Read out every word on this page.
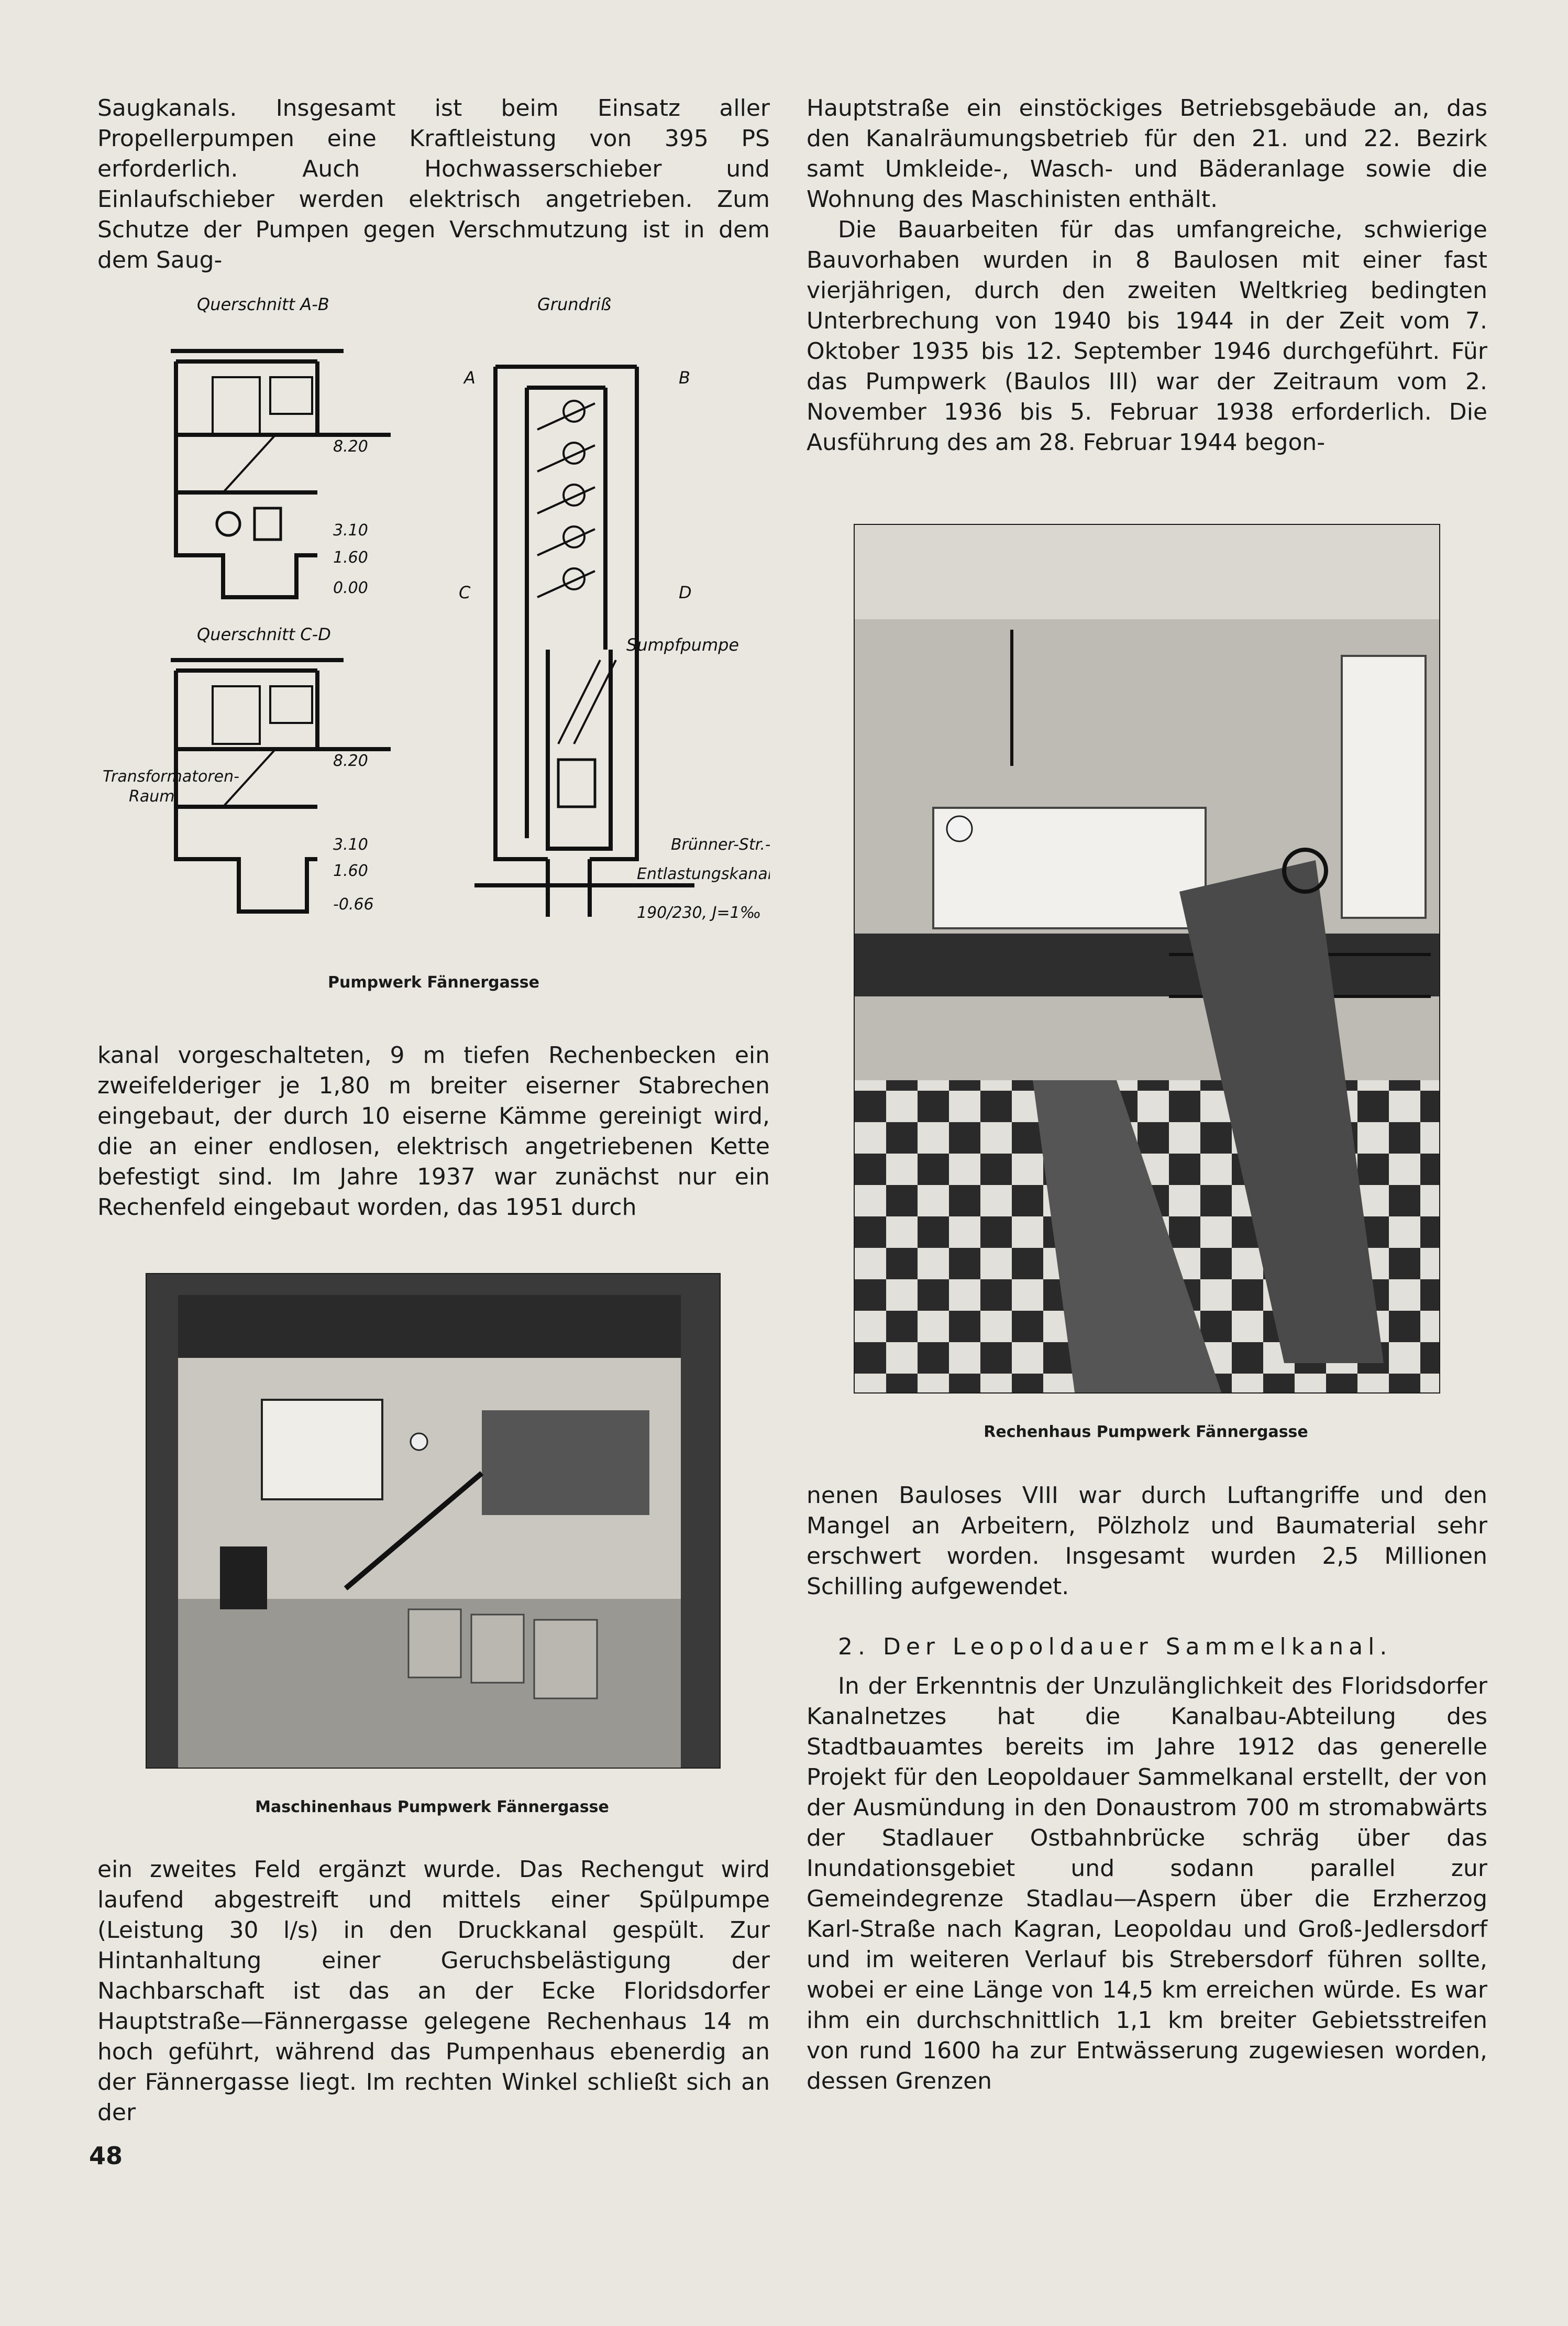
Saugkanals. Insgesamt ist beim Einsatz aller Propellerpumpen eine Kraftleistung von 395 PS erforderlich. Auch Hochwasserschieber und Einlaufschieber werden elektrisch angetrieben. Zum Schutze der Pumpen gegen Verschmutzung ist in dem dem Saug-

Querschnitt A-B
8.20
3.10
1.60
0.00
Querschnitt C-D
Transformatoren-
Raum
8.20
3.10
1.60
-0.66
Grundriß
A	B
C	D
Sumpfpumpe
Brünner-Str.-
Entlastungskanal
190/230, J=1‰
Pumpwerk Fännergasse

kanal vorgeschalteten, 9 m tiefen Rechenbecken ein zweifelderiger je 1,80 m breiter eiserner Stabrechen eingebaut, der durch 10 eiserne Kämme gereinigt wird, die an einer endlosen, elektrisch angetriebenen Kette befestigt sind. Im Jahre 1937 war zunächst nur ein Rechenfeld eingebaut worden, das 1951 durch

Maschinenhaus Pumpwerk Fännergasse

ein zweites Feld ergänzt wurde. Das Rechengut wird laufend abgestreift und mittels einer Spülpumpe (Leistung 30 l/s) in den Druckkanal gespült. Zur Hintanhaltung einer Geruchsbelästigung der Nachbarschaft ist das an der Ecke Floridsdorfer Hauptstraße—Fännergasse gelegene Rechenhaus 14 m hoch geführt, während das Pumpenhaus ebenerdig an der Fännergasse liegt. Im rechten Winkel schließt sich an der

48

Hauptstraße ein einstöckiges Betriebsgebäude an, das den Kanalräumungsbetrieb für den 21. und 22. Bezirk samt Umkleide-, Wasch- und Bäderanlage sowie die Wohnung des Maschinisten enthält.

Die Bauarbeiten für das umfangreiche, schwierige Bauvorhaben wurden in 8 Baulosen mit einer fast vierjährigen, durch den zweiten Weltkrieg bedingten Unterbrechung von 1940 bis 1944 in der Zeit vom 7. Oktober 1935 bis 12. September 1946 durchgeführt. Für das Pumpwerk (Baulos III) war der Zeitraum vom 2. November 1936 bis 5. Februar 1938 erforderlich. Die Ausführung des am 28. Februar 1944 begon-

Rechenhaus Pumpwerk Fännergasse

nenen Bauloses VIII war durch Luftangriffe und den Mangel an Arbeitern, Pölzholz und Baumaterial sehr erschwert worden. Insgesamt wurden 2,5 Millionen Schilling aufgewendet.

2. Der Leopoldauer Sammelkanal.

In der Erkenntnis der Unzulänglichkeit des Floridsdorfer Kanalnetzes hat die Kanalbau-Abteilung des Stadtbauamtes bereits im Jahre 1912 das generelle Projekt für den Leopoldauer Sammelkanal erstellt, der von der Ausmündung in den Donaustrom 700 m stromabwärts der Stadlauer Ostbahnbrücke schräg über das Inundationsgebiet und sodann parallel zur Gemeindegrenze Stadlau—Aspern über die Erzherzog Karl-Straße nach Kagran, Leopoldau und Groß-Jedlersdorf und im weiteren Verlauf bis Strebersdorf führen sollte, wobei er eine Länge von 14,5 km erreichen würde. Es war ihm ein durchschnittlich 1,1 km breiter Gebietsstreifen von rund 1600 ha zur Entwässerung zugewiesen worden, dessen Grenzen
